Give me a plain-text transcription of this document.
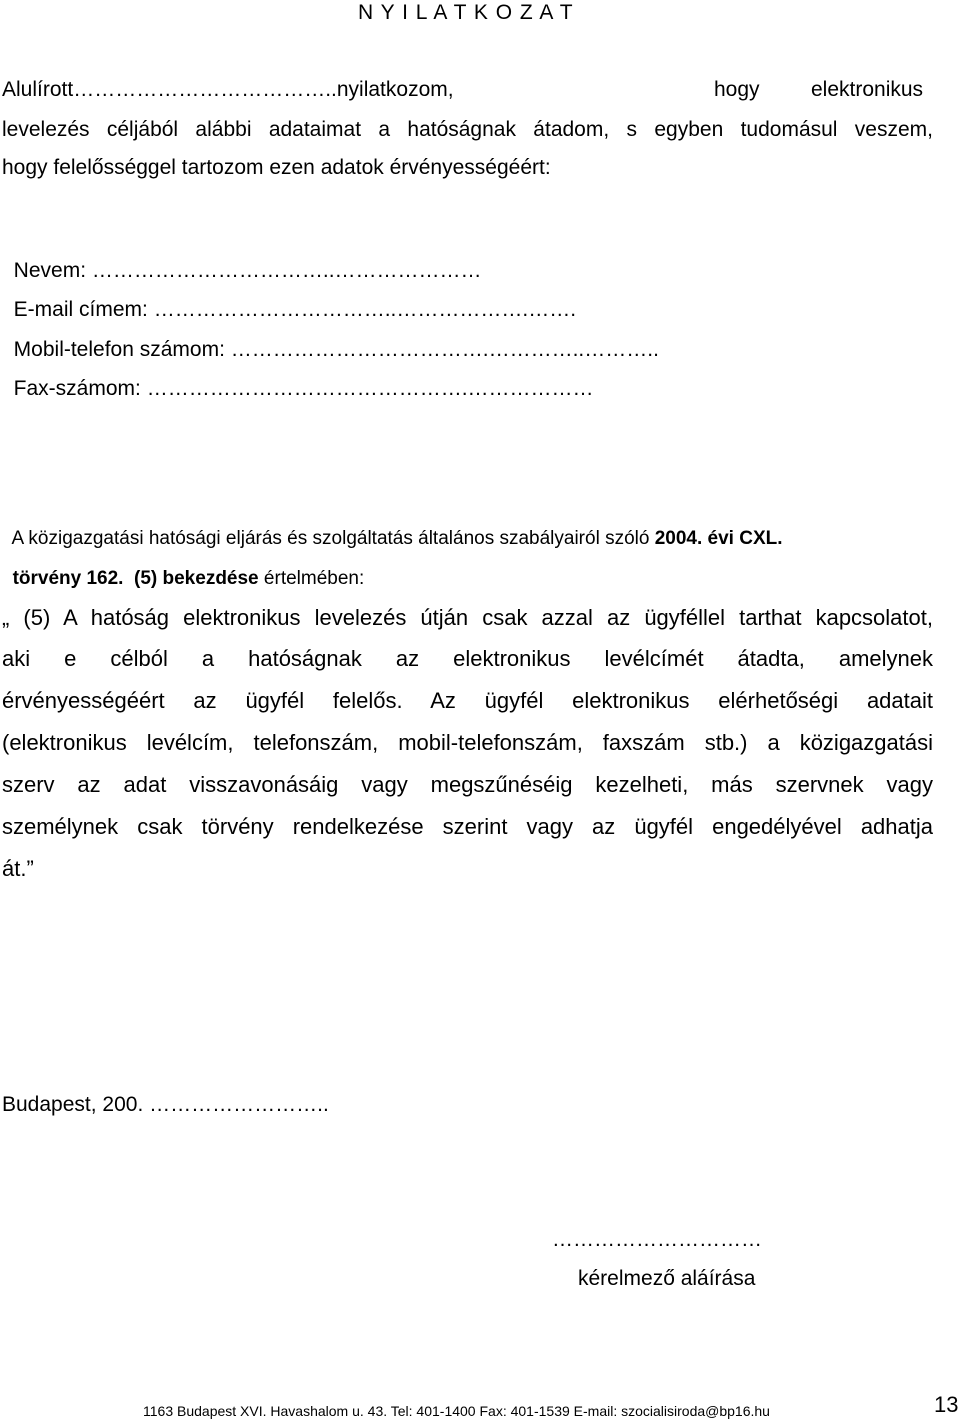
N Y I L A T K O Z A T
Alulírott………………………………..nyilatkozom,	hogy elektronikus
levelezés céljából alábbi adataimat a hatóságnak átadom, s egyben tudomásul veszem,
hogy felelősséggel tartozom ezen adatok érvényességéért:

Nevem: ……………………………..…………………

E-mail címem: ……………………………..……………….…….

Mobil-telefon számom: ……………………………….…………..………..

Fax-számom: ……………………………………….………………

A közigazgatási hatósági eljárás és szolgáltatás általános szabályairól szóló 2004. évi CXL.

törvény 162.  (5) bekezdése értelmében:

„ (5) A hatóság elektronikus levelezés útján csak azzal az ügyféllel tarthat kapcsolatot,
aki e célból a hatóságnak az elektronikus levélcímét átadta, amelynek
érvényességéért az ügyfél felelős. Az ügyfél elektronikus elérhetőségi adatait
(elektronikus levélcím, telefonszám, mobil-telefonszám, faxszám stb.) a közigazgatási
szerv az adat visszavonásáig vagy megszűnéséig kezelheti, más szervnek vagy
személynek csak törvény rendelkezése szerint vagy az ügyfél engedélyével adhatja
át.”
Budapest, 200. ……………………..
…………………………
kérelmező aláírása
1163 Budapest XVI. Havashalom u. 43. Tel: 401-1400 Fax: 401-1539 E-mail: szocialisiroda@bp16.hu	13
